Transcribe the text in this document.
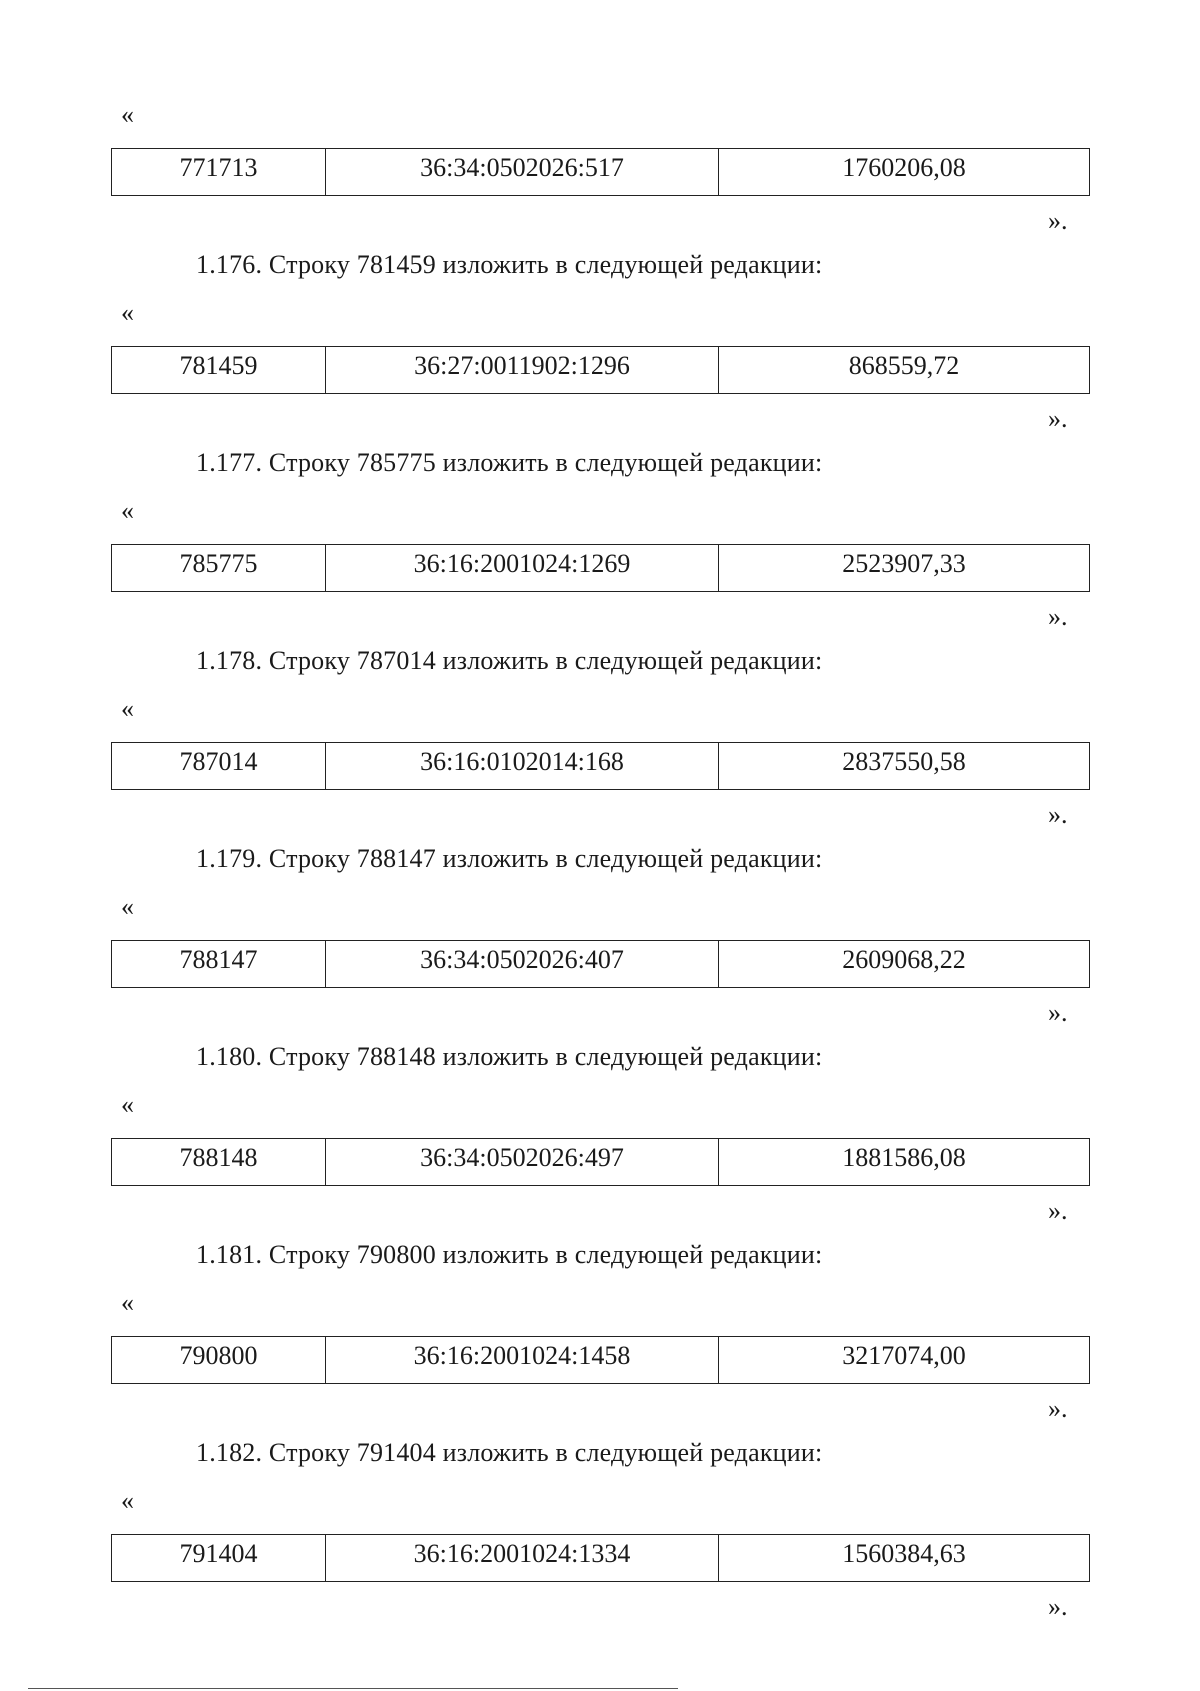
«
771713	36:34:0502026:517	1760206,08
».
1.176. Строку 781459 изложить в следующей редакции:
«
781459	36:27:0011902:1296	868559,72
».
1.177. Строку 785775 изложить в следующей редакции:
«
785775	36:16:2001024:1269	2523907,33
».
1.178. Строку 787014 изложить в следующей редакции:
«
787014	36:16:0102014:168	2837550,58
».
1.179. Строку 788147 изложить в следующей редакции:
«
788147	36:34:0502026:407	2609068,22
».
1.180. Строку 788148 изложить в следующей редакции:
«
788148	36:34:0502026:497	1881586,08
».
1.181. Строку 790800 изложить в следующей редакции:
«
790800	36:16:2001024:1458	3217074,00
».
1.182. Строку 791404 изложить в следующей редакции:
«
791404	36:16:2001024:1334	1560384,63
».
